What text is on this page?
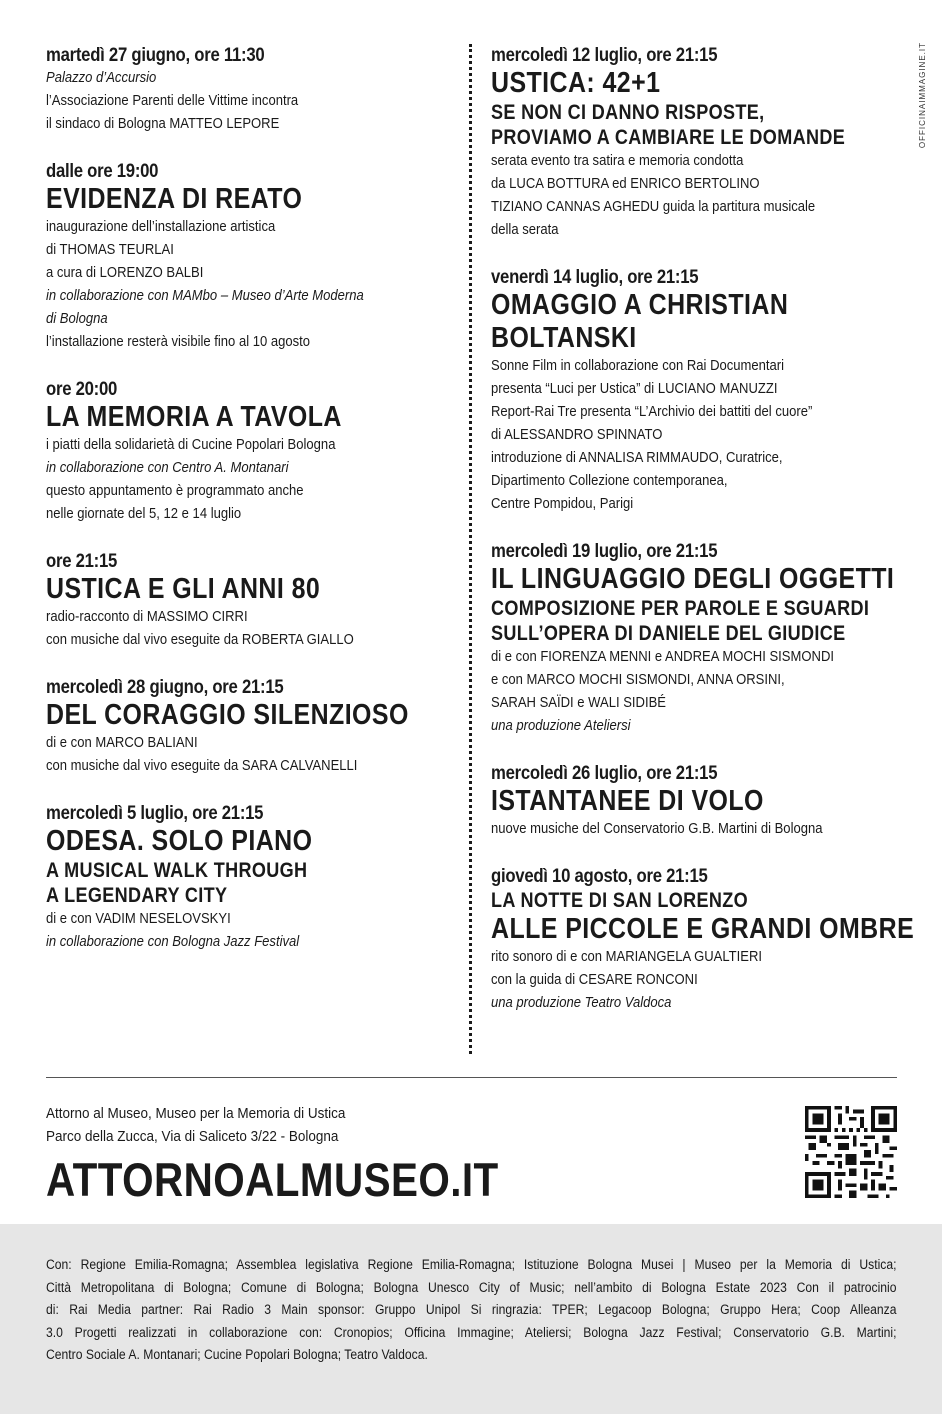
OFFICINAIMMAGINE.IT
martedì 27 giugno, ore 11:30
Palazzo d’Accursio
l’Associazione Parenti delle Vittime incontra
il sindaco di Bologna MATTEO LEPORE
dalle ore 19:00
EVIDENZA DI REATO
inaugurazione dell’installazione artistica
di THOMAS TEURLAI
a cura di LORENZO BALBI
in collaborazione con MAMbo – Museo d’Arte Moderna
di Bologna
l’installazione resterà visibile fino al 10 agosto
ore 20:00
LA MEMORIA A TAVOLA
i piatti della solidarietà di Cucine Popolari Bologna
in collaborazione con Centro A. Montanari
questo appuntamento è programmato anche
nelle giornate del 5, 12 e 14 luglio
ore 21:15
USTICA E GLI ANNI 80
radio-racconto di MASSIMO CIRRI
con musiche dal vivo eseguite da ROBERTA GIALLO
mercoledì 28 giugno, ore 21:15
DEL CORAGGIO SILENZIOSO
di e con MARCO BALIANI
con musiche dal vivo eseguite da SARA CALVANELLI
mercoledì 5 luglio, ore 21:15
ODESA. SOLO PIANO
A MUSICAL WALK THROUGH
A LEGENDARY CITY
di e con VADIM NESELOVSKYI
in collaborazione con Bologna Jazz Festival
mercoledì 12 luglio, ore 21:15
USTICA: 42+1
SE NON CI DANNO RISPOSTE,
PROVIAMO A CAMBIARE LE DOMANDE
serata evento tra satira e memoria condotta
da LUCA BOTTURA ed ENRICO BERTOLINO
TIZIANO CANNAS AGHEDU guida la partitura musicale
della serata
venerdì 14 luglio, ore 21:15
OMAGGIO A CHRISTIAN
BOLTANSKI
Sonne Film in collaborazione con Rai Documentari
presenta “Luci per Ustica” di LUCIANO MANUZZI
Report-Rai Tre presenta “L’Archivio dei battiti del cuore”
di ALESSANDRO SPINNATO
introduzione di ANNALISA RIMMAUDO, Curatrice,
Dipartimento Collezione contemporanea,
Centre Pompidou, Parigi
mercoledì 19 luglio, ore 21:15
IL LINGUAGGIO DEGLI OGGETTI
COMPOSIZIONE PER PAROLE E SGUARDI
SULL’OPERA DI DANIELE DEL GIUDICE
di e con FIORENZA MENNI e ANDREA MOCHI SISMONDI
e con MARCO MOCHI SISMONDI, ANNA ORSINI,
SARAH SAÏDI e WALI SIDIBÉ
una produzione Ateliersi
mercoledì 26 luglio, ore 21:15
ISTANTANEE DI VOLO
nuove musiche del Conservatorio G.B. Martini di Bologna
giovedì 10 agosto, ore 21:15
LA NOTTE DI SAN LORENZO
ALLE PICCOLE E GRANDI OMBRE
rito sonoro di e con MARIANGELA GUALTIERI
con la guida di CESARE RONCONI
una produzione Teatro Valdoca
Attorno al Museo, Museo per la Memoria di Ustica
Parco della Zucca, Via di Saliceto 3/22 - Bologna
ATTORNOALMUSEO.IT
Con: Regione Emilia-Romagna; Assemblea legislativa Regione Emilia-Romagna; Istituzione Bologna Musei | Museo per la Memoria di Ustica;
Città Metropolitana di Bologna; Comune di Bologna; Bologna Unesco City of Music; nell’ambito di Bologna Estate 2023 Con il patrocinio
di: Rai Media partner: Rai Radio 3 Main sponsor: Gruppo Unipol Si ringrazia: TPER; Legacoop Bologna; Gruppo Hera; Coop Alleanza
3.0 Progetti realizzati in collaborazione con: Cronopios; Officina Immagine; Ateliersi; Bologna Jazz Festival; Conservatorio G.B. Martini;
Centro Sociale A. Montanari; Cucine Popolari Bologna; Teatro Valdoca.
